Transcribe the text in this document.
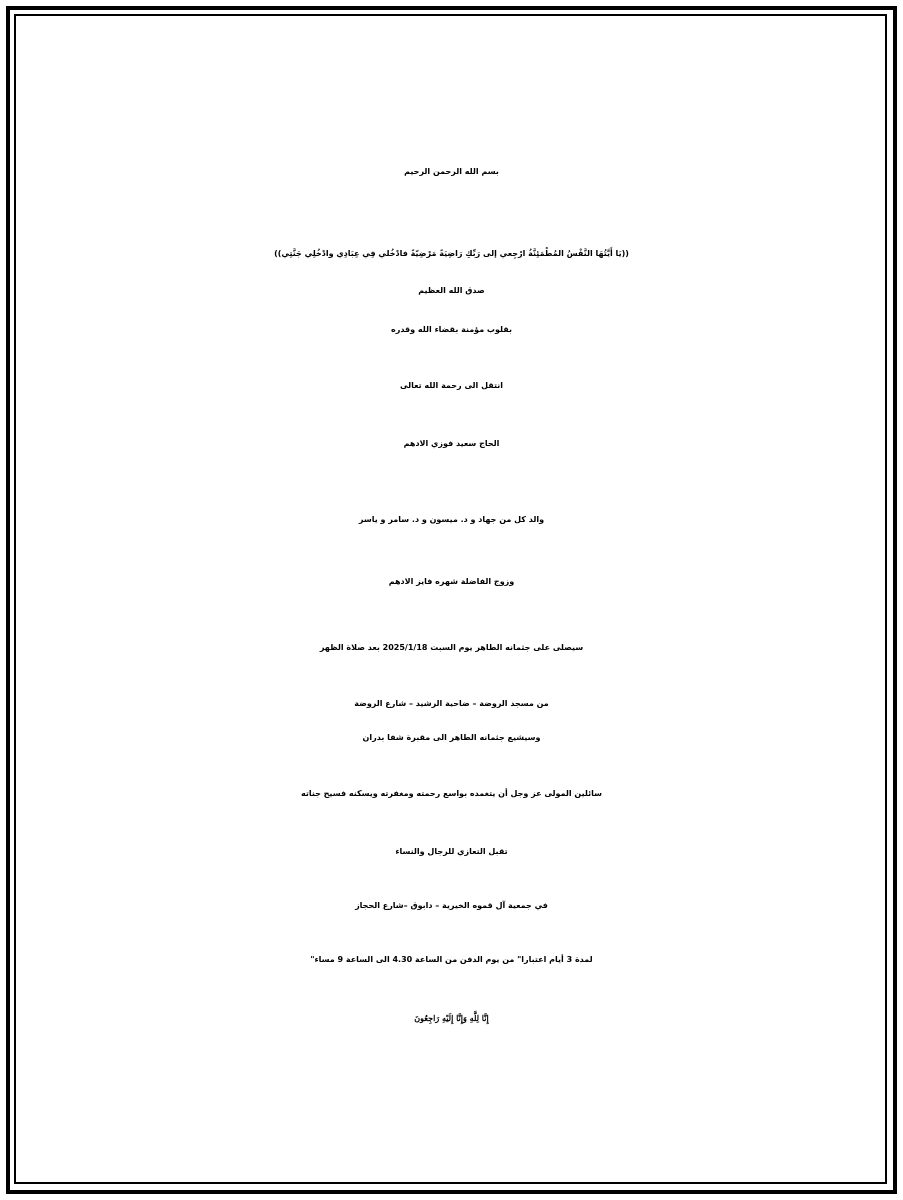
بسم الله الرحمن الرحيم
((يَا أَيَّتُهَا النَّفْسُ المُطْمَئِنَّةُ ارْجِعي إلى رَبِّكِ رَاضِيَةً مَرْضِيّةً فادْخُلي فِي عِبَادِي وادْخُلِي جَنَّتِي))
صدق الله العظيم
بقلوب مؤمنة بقضاء الله وقدره
انتقل الى رحمة الله تعالى
الحاج سعيد فوزي الادهم
والد كل من جهاد و د. ميسون و د. سامر و ياسر
وزوج الفاضلة شهره فايز الادهم
سيصلى على جثمانه الطاهر يوم السبت 2025/1/18 بعد صلاة الظهر
من مسجد الروضة – ضاحية الرشيد – شارع الروضة
وسيشيع جثمانه الطاهر الى مقبرة شفا بدران
سائلين المولى عز وجل أن يتغمده بواسع رحمته ومغفرته ويسكنه فسيح جناته
تقبل التعازي للرجال والنساء
في جمعية آل قموه الخيرية – دابوق –شارع الحجاز
لمدة 3 أيام اعتبارا" من يوم الدفن من الساعة 4.30 الى الساعة 9 مساء"
إِنَّا لِلَّهِ وَإِنَّا إِلَيْهِ رَاجِعُونَ
